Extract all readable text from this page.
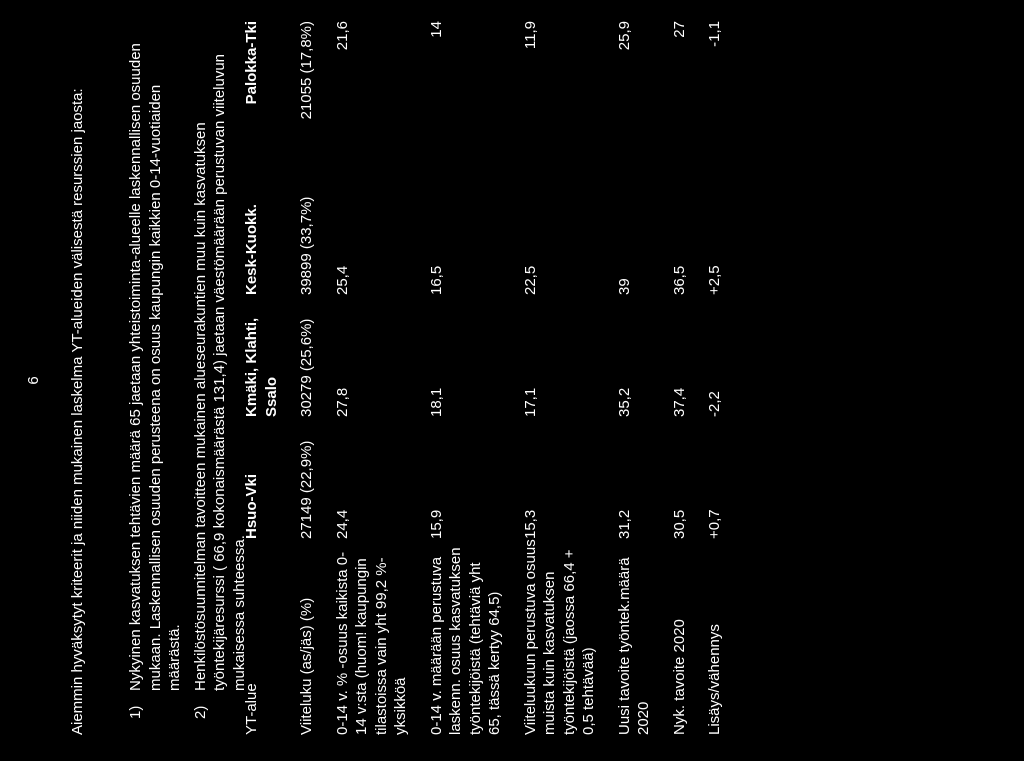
6 Aiemmin hyväksytyt kriteerit ja niiden mukainen laskelma YT-alueiden välisestä resurssien jaosta:	1)
Nykyinen kasvatuksen tehtävien määrä 65 jaetaan yhteistoiminta-alueelle laskennallisen osuuden mukaan. Laskennallisen osuuden perusteena on osuus kaupungin kaikkien 0-14-vuotiaiden määrästä.
2)
Henkilöstösuunnitelman tavoitteen mukainen alueseurakuntien muu kuin kasvatuksen työntekijäresurssi ( 66,9 kokonaismäärästä 131,4) jaetaan väestömäärään perustuvan viiteluvun mukaisessa suhteessa.
YT-alue	Hsuo-Vki	Kmäki, Klahti, Ssalo	Kesk-Kuokk.	Palokka-Tki
Viiteluku (as/jäs) (%)	27149 (22,9%)	30279 (25,6%)	39899 (33,7%)	21055 (17,8%)
0-14 v. % -osuus kaikista 0-14 v:sta (huom! kaupungin tilastoissa vain yht 99,2 %-yksikköä	24,4	27,8	25,4	21,6
0-14 v. määrään perustuva laskenn. osuus kasvatuksen työntekijöistä (tehtäviä yht 65, tässä kertyy 64,5)	15,9	18,1	16,5	14
Viiteluukuun perustuva osuus muista kuin kasvatuksen työntekijöistä (jaossa 66,4 + 0,5 tehtävää)	15,3	17,1	22,5	11,9
Uusi tavoite työntek.määrä 2020	31,2	35,2	39	25,9
Nyk. tavoite 2020	30,5	37,4	36,5	27
Lisäys/vähennys	+0,7	-2,2	+2,5	-1,1
